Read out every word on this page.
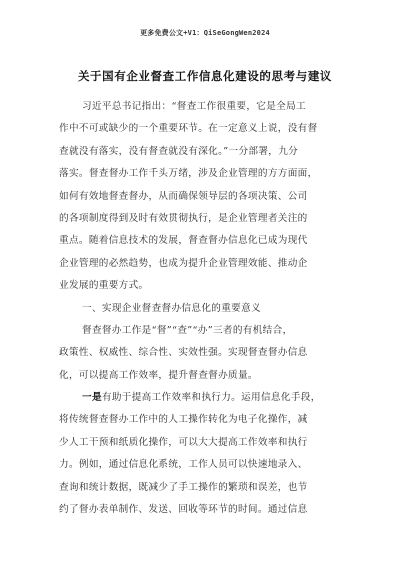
更多免费公文+V1：QiSeGongWen2024
关于国有企业督查工作信息化建设的思考与建议
习近平总书记指出：“督查工作很重要，它是全局工
作中不可或缺少的一个重要环节。在一定意义上说，没有督
查就没有落实，没有督查就没有深化。”一分部署，九分
落实。督查督办工作千头万绪，涉及企业管理的方方面面，
如何有效地督查督办，从而确保领导层的各项决策、公司
的各项制度得到及时有效贯彻执行，是企业管理者关注的
重点。随着信息技术的发展，督查督办信息化已成为现代
企业管理的必然趋势，也成为提升企业管理效能、推动企
业发展的重要方式。
一、实现企业督查督办信息化的重要意义
督查督办工作是“督”“查”“办”三者的有机结合，
政策性、权威性、综合性、实效性强。实现督查督办信息
化，可以提高工作效率，提升督查督办质量。
一是有助于提高工作效率和执行力。运用信息化手段，
将传统督查督办工作中的人工操作转化为电子化操作，减
少人工干预和纸质化操作，可以大大提高工作效率和执行
力。例如，通过信息化系统，工作人员可以快速地录入、
查询和统计数据，既减少了手工操作的繁琐和误差，也节
约了督办表单制作、发送、回收等环节的时间。通过信息
